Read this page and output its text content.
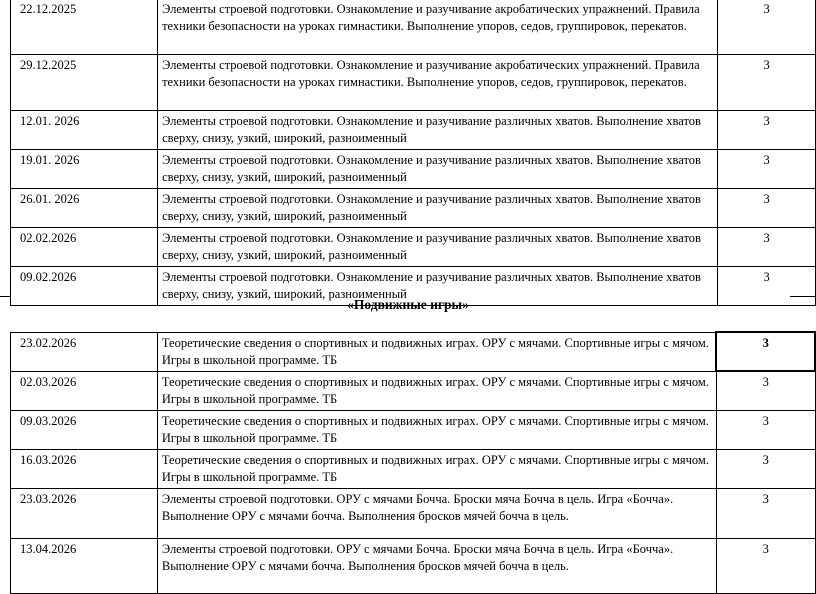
22.12.2025	Элементы строевой подготовки. Ознакомление и разучивание акробатических упражнений. Правила техники безопасности на уроках гимнастики. Выполнение упоров, седов, группировок, перекатов.	3
29.12.2025	Элементы строевой подготовки. Ознакомление и разучивание акробатических упражнений. Правила техники безопасности на уроках гимнастики. Выполнение упоров, седов, группировок, перекатов.	3
12.01. 2026	Элементы строевой подготовки. Ознакомление и разучивание различных хватов. Выполнение хватов сверху, снизу, узкий, широкий, разноименный	3
19.01. 2026	Элементы строевой подготовки. Ознакомление и разучивание различных хватов. Выполнение хватов сверху, снизу, узкий, широкий, разноименный	3
26.01. 2026	Элементы строевой подготовки. Ознакомление и разучивание различных хватов. Выполнение хватов сверху, снизу, узкий, широкий, разноименный	3
02.02.2026	Элементы строевой подготовки. Ознакомление и разучивание различных хватов. Выполнение хватов сверху, снизу, узкий, широкий, разноименный	3
09.02.2026	Элементы строевой подготовки. Ознакомление и разучивание различных хватов. Выполнение хватов сверху, снизу, узкий, широкий, разноименный	3
«Подвижные игры»
23.02.2026	Теоретические сведения о спортивных и подвижных играх. ОРУ с мячами. Спортивные игры с мячом. Игры в школьной программе. ТБ	3
02.03.2026	Теоретические сведения о спортивных и подвижных играх. ОРУ с мячами. Спортивные игры с мячом. Игры в школьной программе. ТБ	3
09.03.2026	Теоретические сведения о спортивных и подвижных играх. ОРУ с мячами. Спортивные игры с мячом. Игры в школьной программе. ТБ	3
16.03.2026	Теоретические сведения о спортивных и подвижных играх. ОРУ с мячами. Спортивные игры с мячом. Игры в школьной программе. ТБ	3
23.03.2026	Элементы строевой подготовки. ОРУ с мячами Бочча. Броски мяча Бочча в цель. Игра «Бочча». Выполнение ОРУ с мячами бочча. Выполнения бросков мячей бочча в цель.	3
13.04.2026	Элементы строевой подготовки. ОРУ с мячами Бочча. Броски мяча Бочча в цель. Игра «Бочча». Выполнение ОРУ с мячами бочча. Выполнения бросков мячей бочча в цель.	3
